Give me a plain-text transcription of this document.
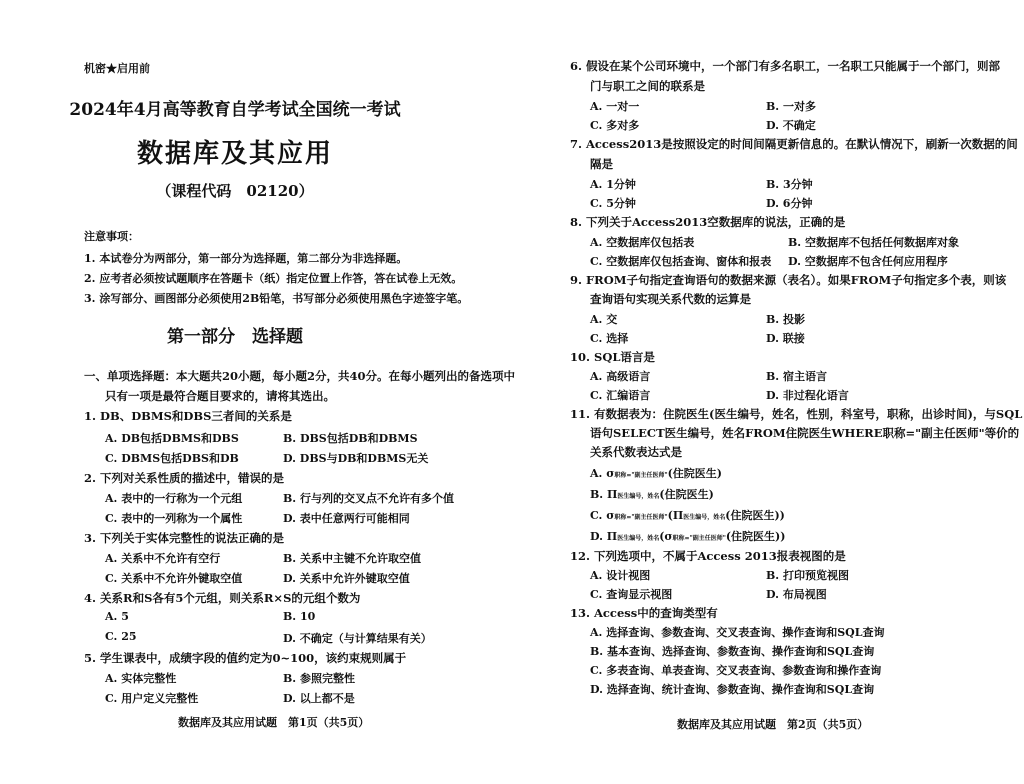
机密★启用前
2024年4月高等教育自学考试全国统一考试
数据库及其应用
（课程代码　02120）
注意事项：
1. 本试卷分为两部分，第一部分为选择题，第二部分为非选择题。
2. 应考者必须按试题顺序在答题卡（纸）指定位置上作答，答在试卷上无效。
3. 涂写部分、画图部分必须使用2B铅笔，书写部分必须使用黑色字迹签字笔。
第一部分　选择题
一、单项选择题：本大题共20小题，每小题2分，共40分。在每小题列出的备选项中
只有一项是最符合题目要求的，请将其选出。
1. DB、DBMS和DBS三者间的关系是
A. DB包括DBMS和DBS	B. DBS包括DB和DBMS
C. DBMS包括DBS和DB	D. DBS与DB和DBMS无关
2. 下列对关系性质的描述中，错误的是
A. 表中的一行称为一个元组	B. 行与列的交叉点不允许有多个值
C. 表中的一列称为一个属性	D. 表中任意两行可能相同
3. 下列关于实体完整性的说法正确的是
A. 关系中不允许有空行	B. 关系中主键不允许取空值
C. 关系中不允许外键取空值	D. 关系中允许外键取空值
4. 关系R和S各有5个元组，则关系R×S的元组个数为
A. 5	B. 10
C. 25	D. 不确定（与计算结果有关）
5. 学生课表中，成绩字段的值约定为0~100，该约束规则属于
A. 实体完整性	B. 参照完整性
C. 用户定义完整性	D. 以上都不是
数据库及其应用试题　第1页（共5页）
6. 假设在某个公司环境中，一个部门有多名职工，一名职工只能属于一个部门，则部
门与职工之间的联系是
A. 一对一	B. 一对多
C. 多对多	D. 不确定
7. Access2013是按照设定的时间间隔更新信息的。在默认情况下，刷新一次数据的间
隔是
A. 1分钟	B. 3分钟
C. 5分钟	D. 6分钟
8. 下列关于Access2013空数据库的说法，正确的是
A. 空数据库仅包括表	B. 空数据库不包括任何数据库对象
C. 空数据库仅包括查询、窗体和报表 D. 空数据库不包含任何应用程序
9. FROM子句指定查询语句的数据来源（表名）。如果FROM子句指定多个表，则该
查询语句实现关系代数的运算是
A. 交	B. 投影
C. 选择	D. 联接
10. SQL语言是
A. 高级语言	B. 宿主语言
C. 汇编语言	D. 非过程化语言
11. 有数据表为：住院医生(医生编号，姓名，性别，科室号，职称，出诊时间)，与SQL
语句SELECT医生编号，姓名FROM住院医生WHERE职称="副主任医师"等价的
关系代数表达式是
A. σ职称="副主任医师"(住院医生)
B. Π医生编号，姓名(住院医生)
C. σ职称="副主任医师"(Π医生编号，姓名(住院医生))
D. Π医生编号，姓名(σ职称="副主任医师"(住院医生))
12. 下列选项中，不属于Access 2013报表视图的是
A. 设计视图	B. 打印预览视图
C. 查询显示视图	D. 布局视图
13. Access中的查询类型有
A. 选择查询、参数查询、交叉表查询、操作查询和SQL查询
B. 基本查询、选择查询、参数查询、操作查询和SQL查询
C. 多表查询、单表查询、交叉表查询、参数查询和操作查询
D. 选择查询、统计查询、参数查询、操作查询和SQL查询
数据库及其应用试题　第2页（共5页）
